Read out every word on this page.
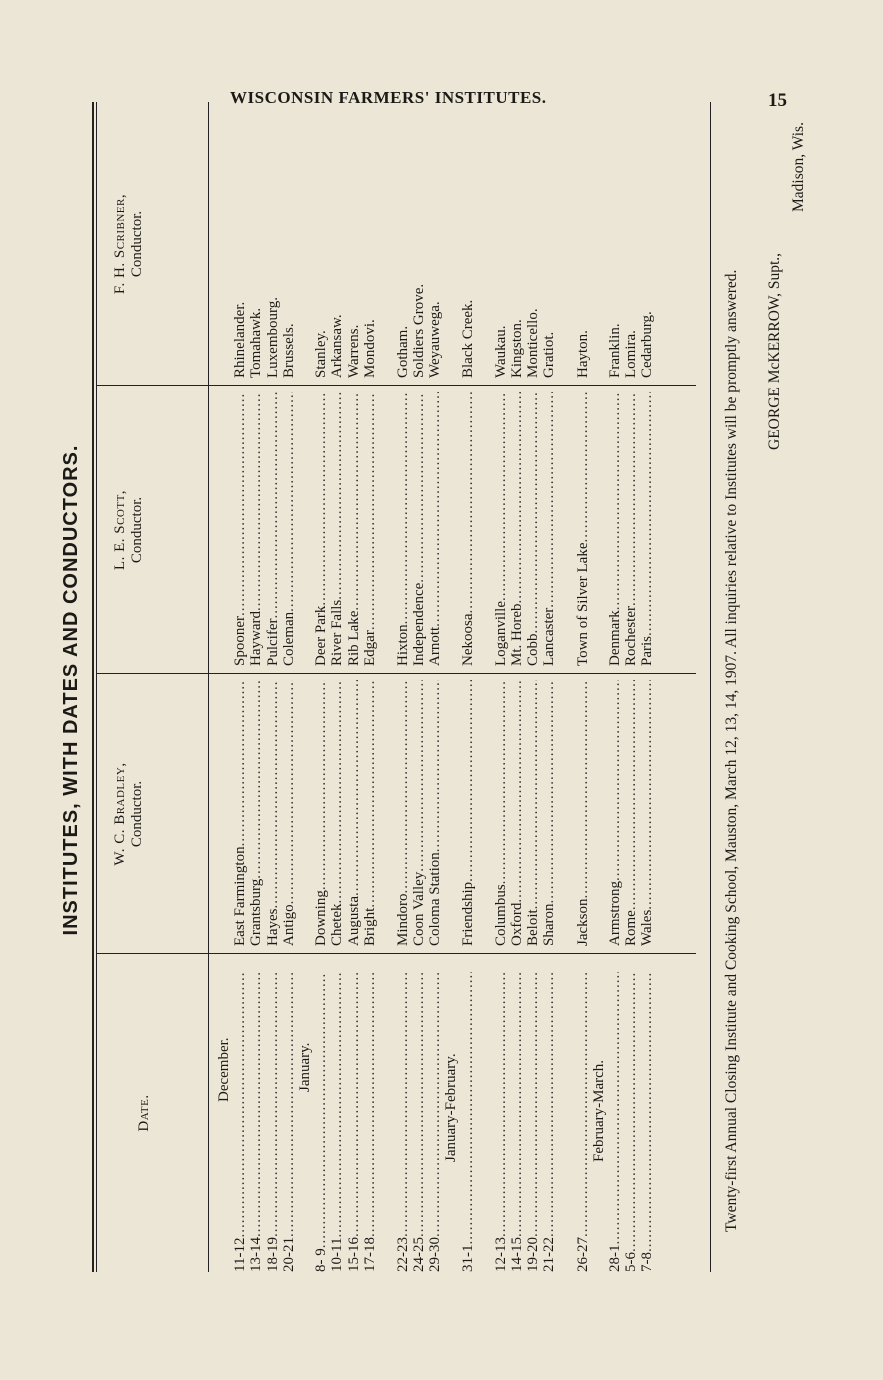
WISCONSIN FARMERS' INSTITUTES.	15
INSTITUTES, WITH DATES AND CONDUCTORS.
Date.
W. C. Bradley, Conductor.
L. E. Scott, Conductor.
F. H. Scribner, Conductor.
December.
11-12
..... 13-14
..... 18-19
..... 20-21
.....
January.
8- 9
..... 10-11
..... 15-16
..... 17-18
..... 22-23
..... 24-25
..... 29-30
.....
January-February.
31-1
..... 12-13
..... 14-15
..... 19-20
..... 21-22
..... 26-27
.....
February-March.
28-1
..... 5-6
..... 7-8
.....
East Farmington
..... Grantsburg
..... Hayes
..... Antigo
..... Downing
..... Chetek
..... Augusta
..... Bright
..... Mindoro
..... Coon Valley
..... Coloma Station
..... Friendship
..... Columbus
..... Oxford
..... Beloit
..... Sharon
..... Jackson
..... Armstrong
..... Rome
..... Wales
.....
Spooner
..... Hayward
..... Pulcifer
..... Coleman
..... Deer Park
..... River Falls
..... Rib Lake
..... Edgar
..... Hixton
..... Independence
..... Arnott
..... Nekoosa
..... Loganville
..... Mt. Horeb
..... Cobb
..... Lancaster
..... Town of Silver Lake
..... Denmark
..... Rochester
..... Paris
.....
Rhinelander. Tomahawk. Luxembourg. Brussels. Stanley. Arkansaw. Warrens. Mondovi. Gotham. Soldiers Grove. Weyauwega. Black Creek. Waukau. Kingston. Monticello. Gratiot. Hayton. Franklin. Lomira. Cedarburg.	Twenty-first Annual Closing Institute and Cooking School, Mauston, March 12, 13, 14, 1907. All inquiries relative to Institutes will be promptly answered. GEORGE McKERROW, Supt.,
Madison, Wis.
